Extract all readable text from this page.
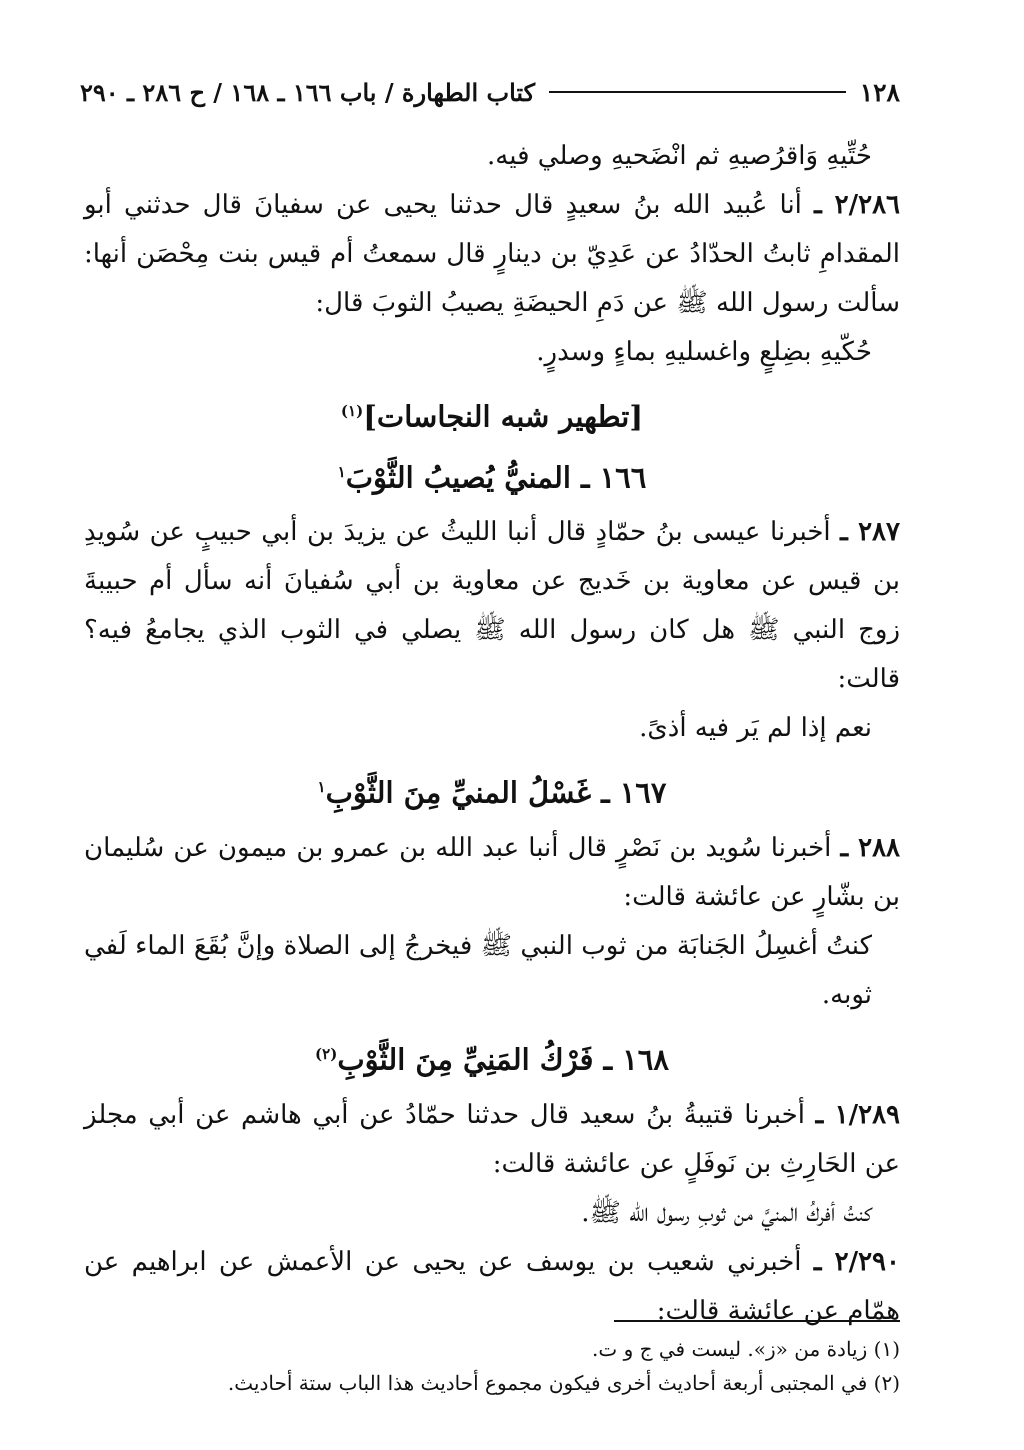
١٢٨
كتاب الطهارة / باب ١٦٦ ـ ١٦٨ / ح ٢٨٦ ـ ٢٩٠

حُتِّيهِ وَاقرُصيهِ ثم انْضَحيهِ وصلي فيه.

٢/٢٨٦ ـ أنا عُبيد الله بنُ سعيدٍ قال حدثنا يحيى عن سفيانَ قال حدثني أبو المقدامِ ثابتُ الحدّادُ عن عَدِيّ بن دينارٍ قال سمعتُ أم قيس بنت مِحْصَن أنها: سألت رسول الله ﷺ عن دَمِ الحيضَةِ يصيبُ الثوبَ قال:

حُكّيهِ بضِلعٍ واغسليهِ بماءٍ وسدرٍ.

[تطهير شبه النجاسات]$^{(١)}$
١٦٦ ـ المنيُّ يُصيبُ الثَّوْبَ$^١$

٢٨٧ ـ أخبرنا عيسى بنُ حمّادٍ قال أنبا الليثُ عن يزيدَ بن أبي حبيبٍ عن سُويدِ بن قيس عن معاوية بن خَديج عن معاوية بن أبي سُفيانَ أنه سأل أم حبيبةَ زوج النبي ﷺ هل كان رسول الله ﷺ يصلي في الثوب الذي يجامعُ فيه؟ قالت:

نعم إذا لم يَر فيه أذىً.

١٦٧ ـ غَسْلُ المنيِّ مِنَ الثَّوْبِ$^١$

٢٨٨ ـ أخبرنا سُويد بن نَصْرٍ قال أنبا عبد الله بن عمرو بن ميمون عن سُليمان بن بشّارٍ عن عائشة قالت:

كنتُ أغسِلُ الجَنابَة من ثوب النبي ﷺ فيخرجُ إلى الصلاة وإنَّ بُقَعَ الماء لَفي ثوبه.

١٦٨ ـ فَرْكُ المَنِيِّ مِنَ الثَّوْبِ$^{(٢)}$

١/٢٨٩ ـ أخبرنا قتيبةُ بنُ سعيد قال حدثنا حمّادُ عن أبي هاشم عن أبي مجلز عن الحَارِثِ بن نَوفَلٍ عن عائشة قالت:

كنتُ أفركُ المنيَّ من ثوبِ رسول الله ﷺ.

٢/٢٩٠ ـ أخبرني شعيب بن يوسف عن يحيى عن الأعمش عن ابراهيم عن همّام عن عائشة قالت:

(١) زيادة من «ز». ليست في ج و ت.

(٢) في المجتبى أربعة أحاديث أخرى فيكون مجموع أحاديث هذا الباب ستة أحاديث.
